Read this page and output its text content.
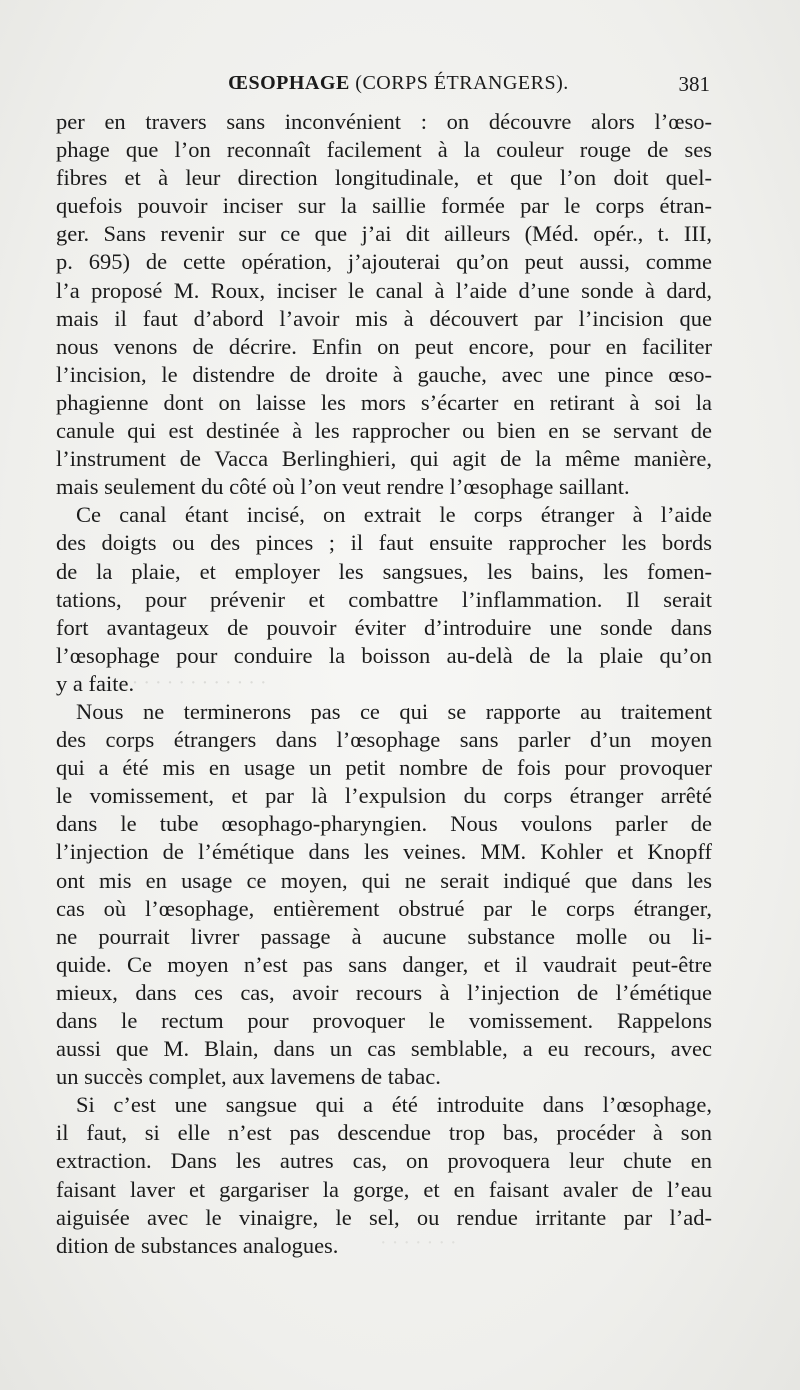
ŒSOPHAGE (CORPS ÉTRANGERS).	381
· · · · · · · · · · · · ·
· · · · · · ·
per en travers sans inconvénient : on découvre alors l’œso-
phage que l’on reconnaît facilement à la couleur rouge de ses
fibres et à leur direction longitudinale, et que l’on doit quel-
quefois pouvoir inciser sur la saillie formée par le corps étran-
ger. Sans revenir sur ce que j’ai dit ailleurs (Méd. opér., t. III,
p. 695) de cette opération, j’ajouterai qu’on peut aussi, comme
l’a proposé M. Roux, inciser le canal à l’aide d’une sonde à dard,
mais il faut d’abord l’avoir mis à découvert par l’incision que
nous venons de décrire. Enfin on peut encore, pour en faciliter
l’incision, le distendre de droite à gauche, avec une pince œso-
phagienne dont on laisse les mors s’écarter en retirant à soi la
canule qui est destinée à les rapprocher ou bien en se servant de
l’instrument de Vacca Berlinghieri, qui agit de la même manière,
mais seulement du côté où l’on veut rendre l’œsophage saillant.
Ce canal étant incisé, on extrait le corps étranger à l’aide
des doigts ou des pinces ; il faut ensuite rapprocher les bords
de la plaie, et employer les sangsues, les bains, les fomen-
tations, pour prévenir et combattre l’inflammation. Il serait
fort avantageux de pouvoir éviter d’introduire une sonde dans
l’œsophage pour conduire la boisson au-delà de la plaie qu’on
y a faite.
Nous ne terminerons pas ce qui se rapporte au traitement
des corps étrangers dans l’œsophage sans parler d’un moyen
qui a été mis en usage un petit nombre de fois pour provoquer
le vomissement, et par là l’expulsion du corps étranger arrêté
dans le tube œsophago-pharyngien. Nous voulons parler de
l’injection de l’émétique dans les veines. MM. Kohler et Knopff
ont mis en usage ce moyen, qui ne serait indiqué que dans les
cas où l’œsophage, entièrement obstrué par le corps étranger,
ne pourrait livrer passage à aucune substance molle ou li-
quide. Ce moyen n’est pas sans danger, et il vaudrait peut-être
mieux, dans ces cas, avoir recours à l’injection de l’émétique
dans le rectum pour provoquer le vomissement. Rappelons
aussi que M. Blain, dans un cas semblable, a eu recours, avec
un succès complet, aux lavemens de tabac.
Si c’est une sangsue qui a été introduite dans l’œsophage,
il faut, si elle n’est pas descendue trop bas, procéder à son
extraction. Dans les autres cas, on provoquera leur chute en
faisant laver et gargariser la gorge, et en faisant avaler de l’eau
aiguisée avec le vinaigre, le sel, ou rendue irritante par l’ad-
dition de substances analogues.
